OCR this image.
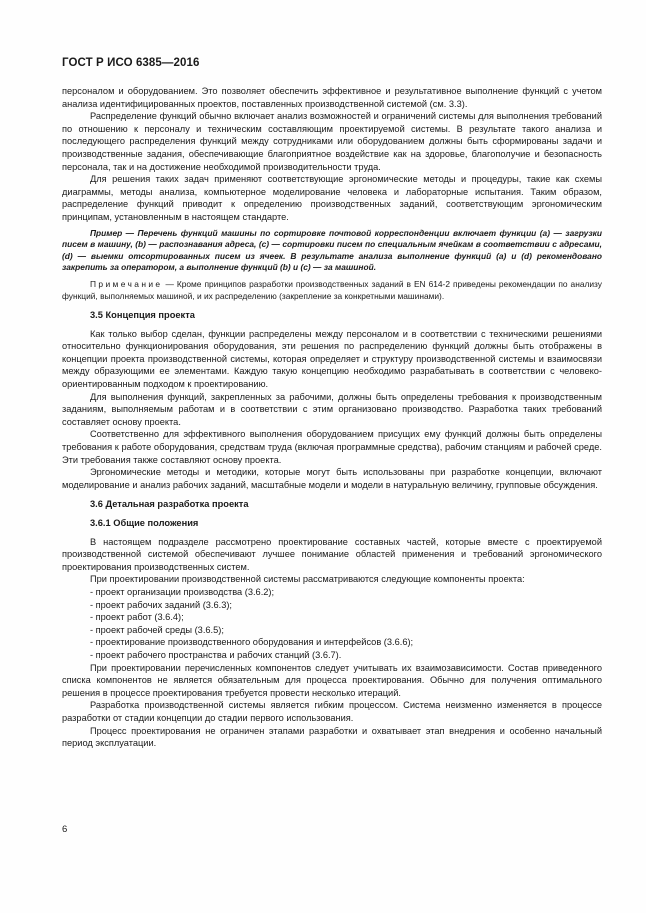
ГОСТ Р ИСО 6385—2016

персоналом и оборудованием. Это позволяет обеспечить эффективное и результативное выполнение функций с учетом анализа идентифицированных проектов, поставленных производственной системой (см. 3.3).

Распределение функций обычно включает анализ возможностей и ограничений системы для выполнения требований по отношению к персоналу и техническим составляющим проектируемой системы. В результате такого анализа и последующего распределения функций между сотрудниками или оборудованием должны быть сформированы задачи и производственные задания, обеспечивающие благоприятное воздействие как на здоровье, благополучие и безопасность персонала, так и на достижение необходимой производительности труда.

Для решения таких задач применяют соответствующие эргономические методы и процедуры, такие как схемы диаграммы, методы анализа, компьютерное моделирование человека и лабораторные испытания. Таким образом, распределение функций приводит к определению производственных заданий, соответствующим эргономическим принципам, установленным в настоящем стандарте.

Пример — Перечень функций машины по сортировке почтовой корреспонденции включает функции (а) — загрузки писем в машину, (b) — распознавания адреса, (с) — сортировки писем по специальным ячейкам в соответствии с адресами, (d) — выемки отсортированных писем из ячеек. В результате анализа выполнение функций (а) и (d) рекомендовано закрепить за оператором, а выполнение функций (b) и (с) — за машиной.

Примечание — Кроме принципов разработки производственных заданий в EN 614-2 приведены рекомендации по анализу функций, выполняемых машиной, и их распределению (закрепление за конкретными машинами).

3.5 Концепция проекта

Как только выбор сделан, функции распределены между персоналом и в соответствии с техническими решениями относительно функционирования оборудования, эти решения по распределению функций должны быть отображены в концепции проекта производственной системы, которая определяет и структуру производственной системы и взаимосвязи между образующими ее элементами. Каждую такую концепцию необходимо разрабатывать в соответствии с человеко-ориентированным подходом к проектированию.

Для выполнения функций, закрепленных за рабочими, должны быть определены требования к производственным заданиям, выполняемым работам и в соответствии с этим организовано производство. Разработка таких требований составляет основу проекта.

Соответственно для эффективного выполнения оборудованием присущих ему функций должны быть определены требования к работе оборудования, средствам труда (включая программные средства), рабочим станциям и рабочей среде. Эти требования также составляют основу проекта.

Эргономические методы и методики, которые могут быть использованы при разработке концепции, включают моделирование и анализ рабочих заданий, масштабные модели и модели в натуральную величину, групповые обсуждения.

3.6 Детальная разработка проекта

3.6.1 Общие положения

В настоящем подразделе рассмотрено проектирование составных частей, которые вместе с проектируемой производственной системой обеспечивают лучшее понимание областей применения и требований эргономического проектирования производственных систем.

При проектировании производственной системы рассматриваются следующие компоненты проекта:

- проект организации производства (3.6.2);
- проект рабочих заданий (3.6.3);
- проект работ (3.6.4);
- проект рабочей среды (3.6.5);
- проектирование производственного оборудования и интерфейсов (3.6.6);
- проект рабочего пространства и рабочих станций (3.6.7).

При проектировании перечисленных компонентов следует учитывать их взаимозависимости. Состав приведенного списка компонентов не является обязательным для процесса проектирования. Обычно для получения оптимального решения в процессе проектирования требуется провести несколько итераций.

Разработка производственной системы является гибким процессом. Система неизменно изменяется в процессе разработки от стадии концепции до стадии первого использования.

Процесс проектирования не ограничен этапами разработки и охватывает этап внедрения и особенно начальный период эксплуатации.

6
